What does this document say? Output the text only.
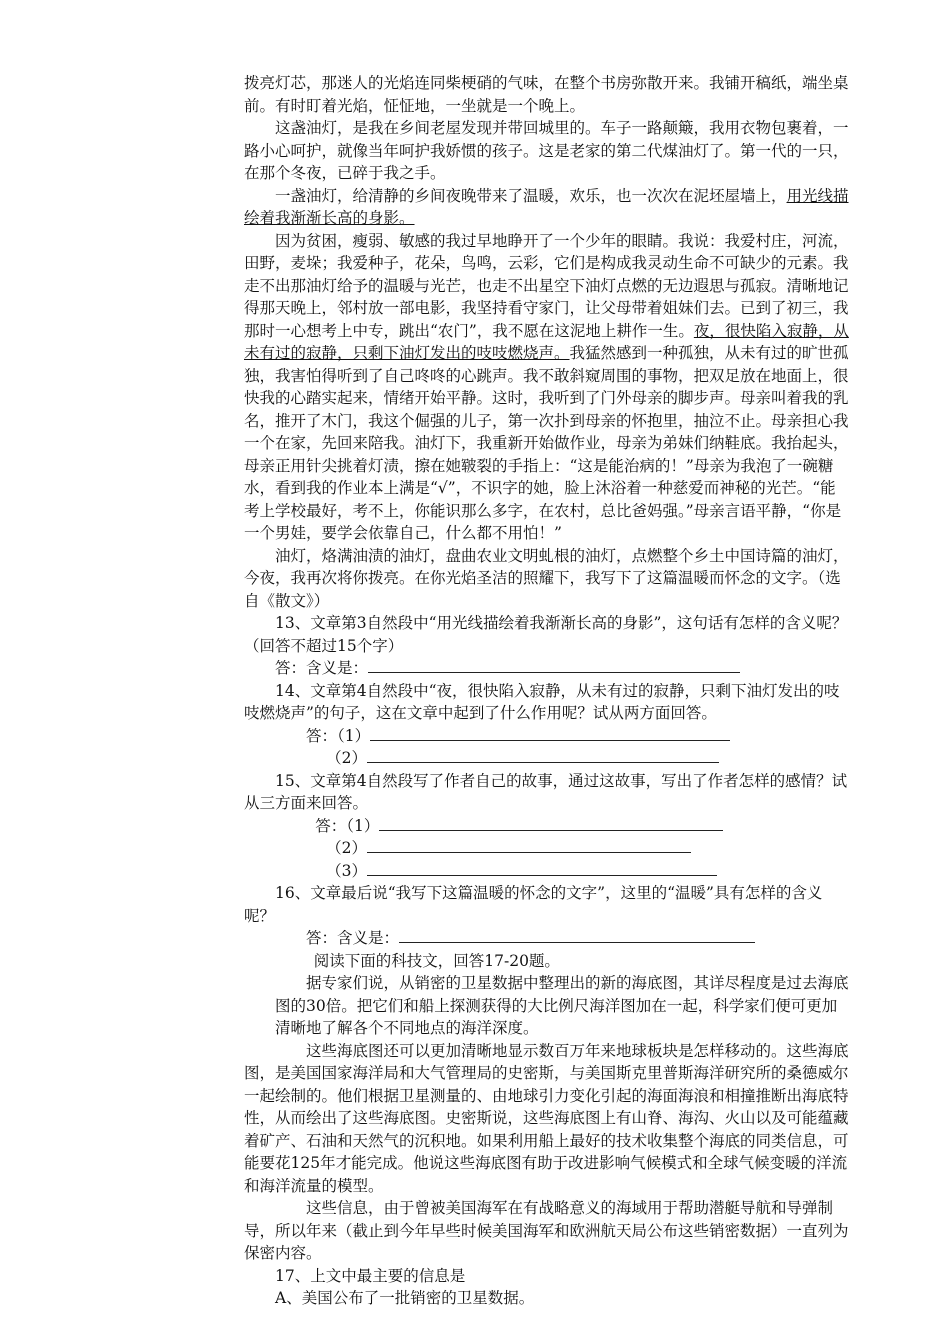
拨亮灯芯，那迷人的光焰连同柴梗硝的气味，在整个书房弥散开来。我铺开稿纸，端坐桌前。有时盯着光焰，怔怔地，一坐就是一个晚上。

这盏油灯，是我在乡间老屋发现并带回城里的。车子一路颠簸，我用衣物包裹着，一路小心呵护，就像当年呵护我娇惯的孩子。这是老家的第二代煤油灯了。第一代的一只，在那个冬夜，已碎于我之手。

一盏油灯，给清静的乡间夜晚带来了温暖，欢乐，也一次次在泥坯屋墙上，用光线描绘着我渐渐长高的身影。

因为贫困，瘦弱、敏感的我过早地睁开了一个少年的眼睛。我说：我爱村庄，河流，田野，麦垛；我爱种子，花朵，鸟鸣，云彩，它们是构成我灵动生命不可缺少的元素。我走不出那油灯给予的温暖与光芒，也走不出星空下油灯点燃的无边遐思与孤寂。清晰地记得那天晚上，邻村放一部电影，我坚持看守家门，让父母带着姐妹们去。已到了初三，我那时一心想考上中专，跳出“农门”，我不愿在这泥地上耕作一生。夜，很快陷入寂静，从未有过的寂静，只剩下油灯发出的吱吱燃烧声。我猛然感到一种孤独，从未有过的旷世孤独，我害怕得听到了自己咚咚的心跳声。我不敢斜窥周围的事物，把双足放在地面上，很快我的心踏实起来，情绪开始平静。这时，我听到了门外母亲的脚步声。母亲叫着我的乳名，推开了木门，我这个倔强的儿子，第一次扑到母亲的怀抱里，抽泣不止。母亲担心我一个在家，先回来陪我。油灯下，我重新开始做作业，母亲为弟妹们纳鞋底。我抬起头，母亲正用针尖挑着灯渍，擦在她皲裂的手指上：“这是能治病的！”母亲为我泡了一碗糖水，看到我的作业本上满是“√”，不识字的她，脸上沐浴着一种慈爱而神秘的光芒。“能考上学校最好，考不上，你能识那么多字，在农村，总比爸妈强。”母亲言语平静，“你是一个男娃，要学会依靠自己，什么都不用怕！”

油灯，烙满油渍的油灯，盘曲农业文明虬根的油灯，点燃整个乡土中国诗篇的油灯，今夜，我再次将你拨亮。在你光焰圣洁的照耀下，我写下了这篇温暖而怀念的文字。（选自《散文》）

13、文章第3自然段中“用光线描绘着我渐渐长高的身影”，这句话有怎样的含义呢？（回答不超过15个字）

答：含义是：

14、文章第4自然段中“夜，很快陷入寂静，从未有过的寂静，只剩下油灯发出的吱吱燃烧声”的句子，这在文章中起到了什么作用呢？试从两方面回答。

答：（1）
（2）

15、文章第4自然段写了作者自己的故事，通过这故事，写出了作者怎样的感情？试从三方面来回答。

答：（1）
（2）
（3）

16、文章最后说“我写下这篇温暖的怀念的文字”，这里的“温暖”具有怎样的含义呢？

答：含义是：

阅读下面的科技文，回答17-20题。

据专家们说，从销密的卫星数据中整理出的新的海底图，其详尽程度是过去海底图的30倍。把它们和船上探测获得的大比例尺海洋图加在一起，科学家们便可更加清晰地了解各个不同地点的海洋深度。

这些海底图还可以更加清晰地显示数百万年来地球板块是怎样移动的。这些海底图，是美国国家海洋局和大气管理局的史密斯，与美国斯克里普斯海洋研究所的桑德威尔一起绘制的。他们根据卫星测量的、由地球引力变化引起的海面海浪和相撞推断出海底特性，从而绘出了这些海底图。史密斯说，这些海底图上有山脊、海沟、火山以及可能蕴藏着矿产、石油和天然气的沉积地。如果利用船上最好的技术收集整个海底的同类信息，可能要花125年才能完成。他说这些海底图有助于改进影响气候模式和全球气候变暖的洋流和海洋流量的模型。

这些信息，由于曾被美国海军在有战略意义的海域用于帮助潜艇导航和导弹制导，所以年来（截止到今年早些时候美国海军和欧洲航天局公布这些销密数据）一直列为保密内容。

17、上文中最主要的信息是

A、美国公布了一批销密的卫星数据。
